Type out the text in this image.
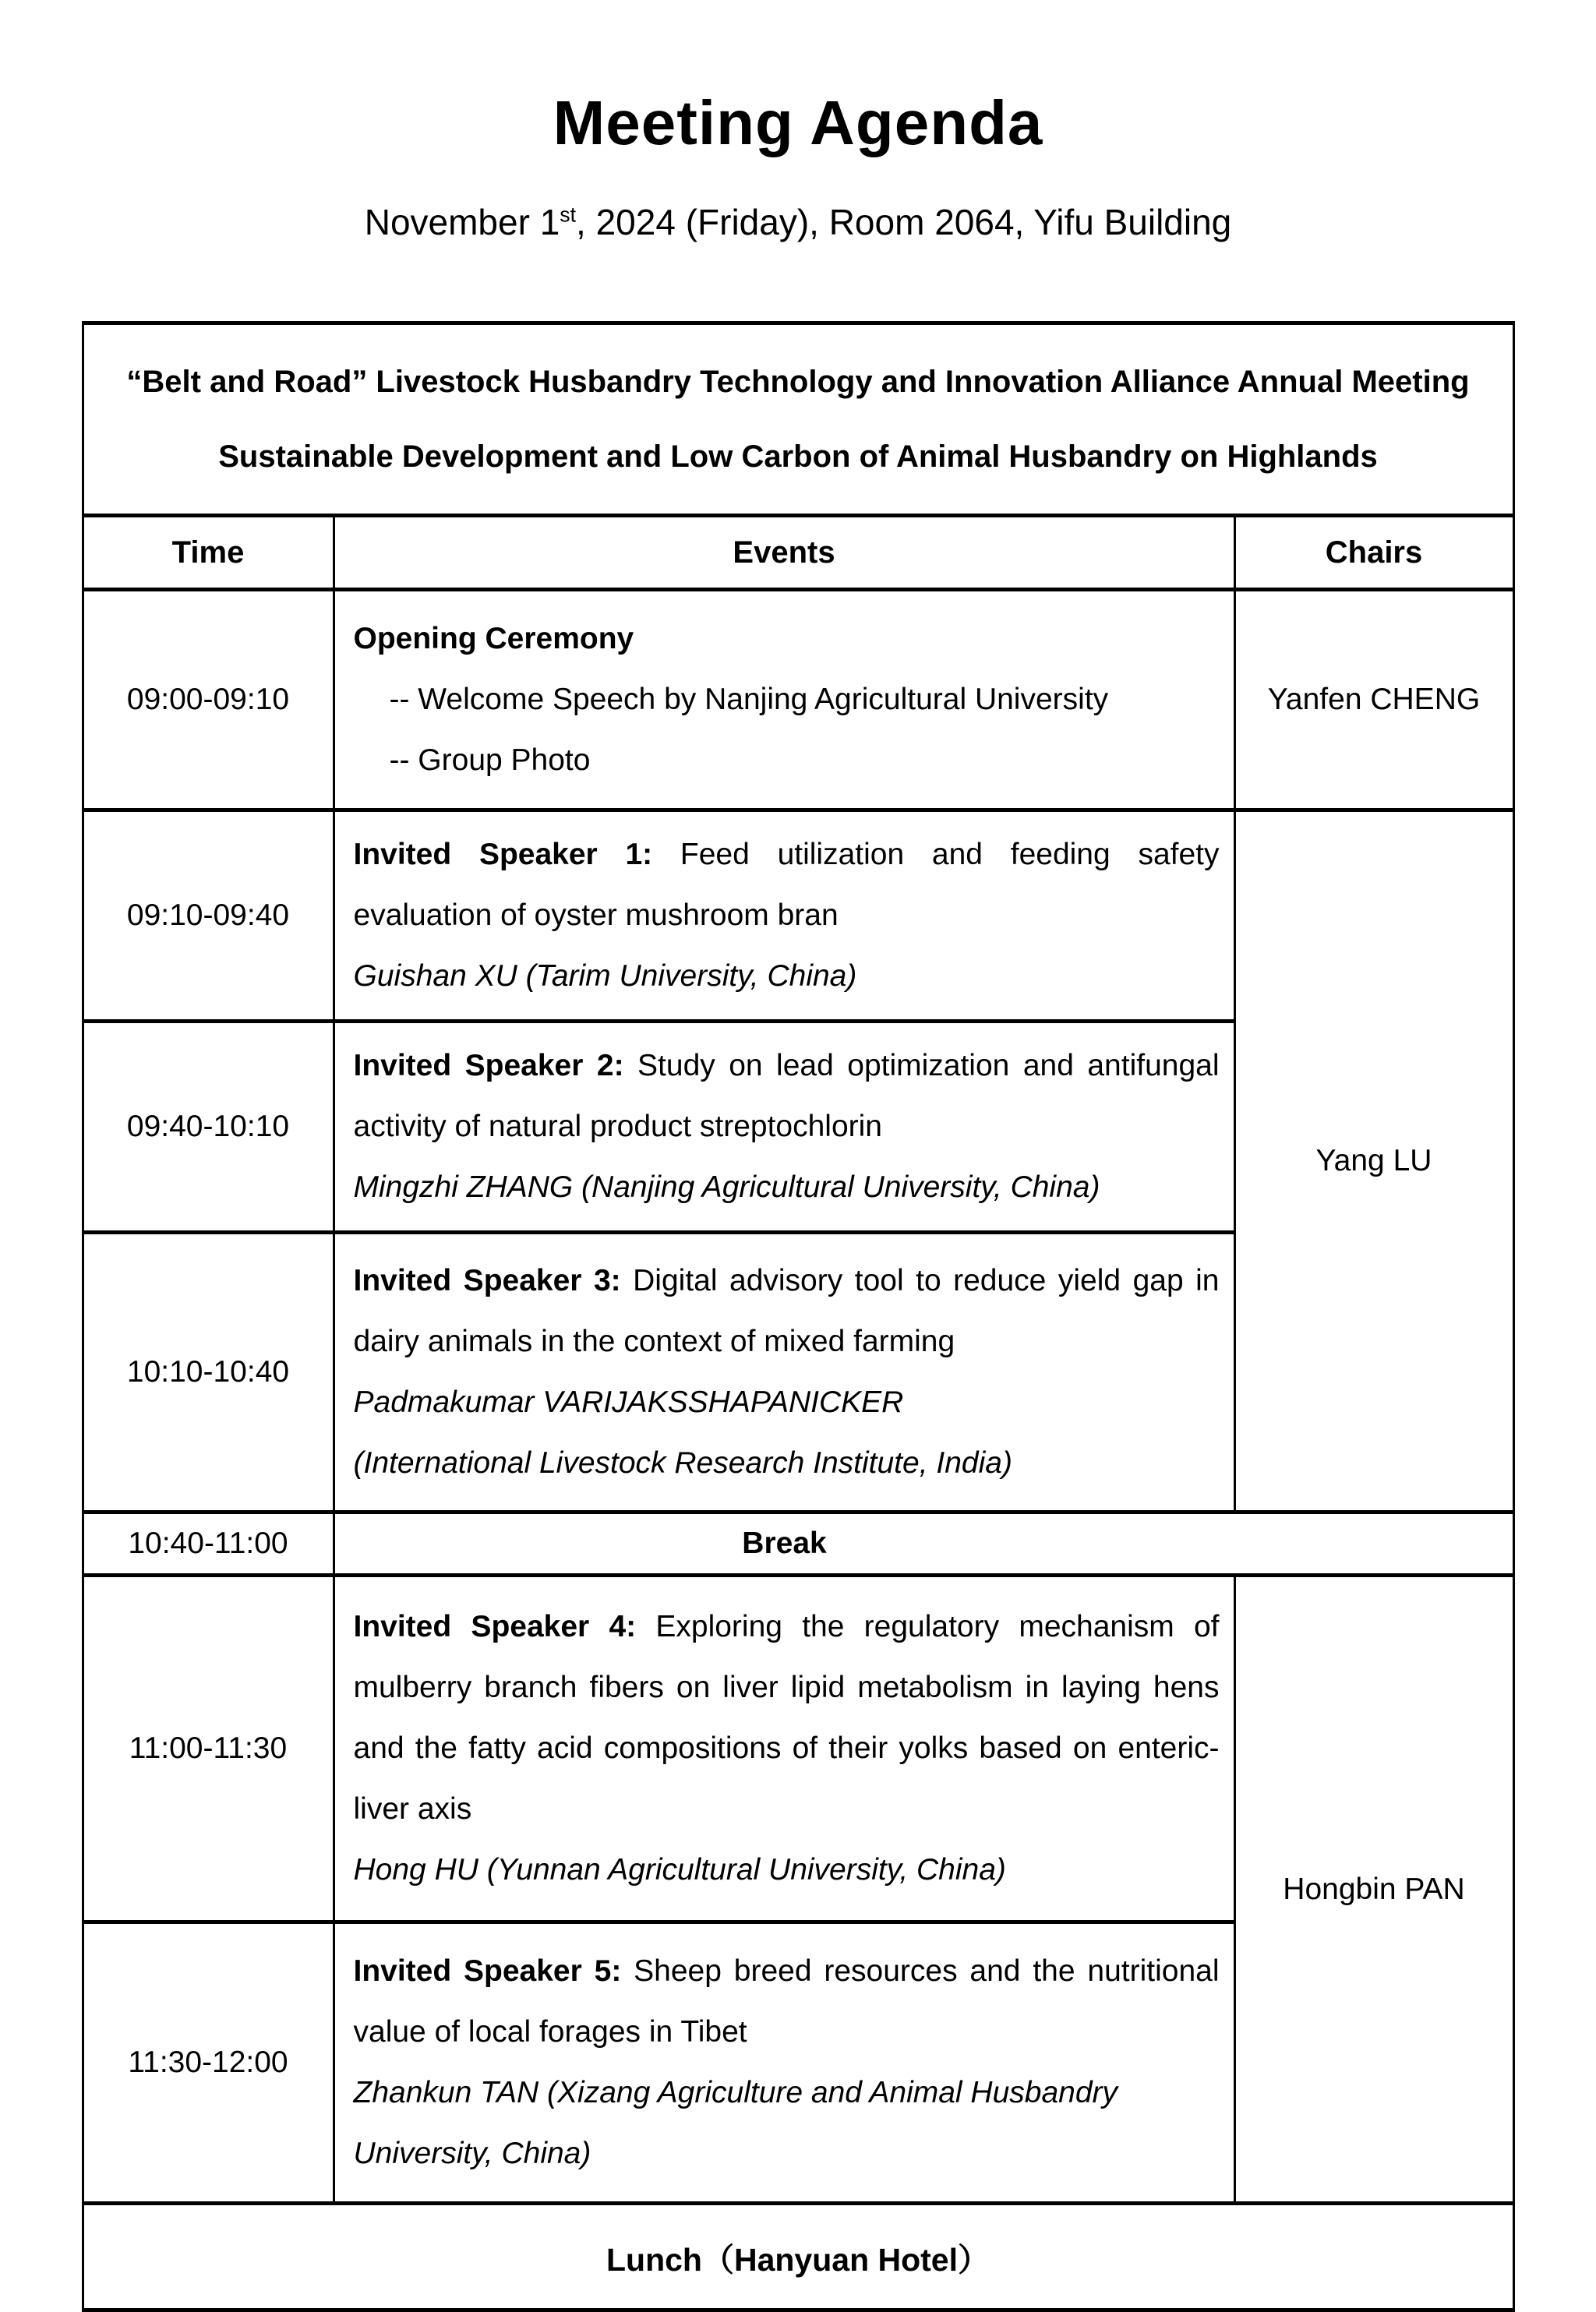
Meeting Agenda

November 1st, 2024 (Friday), Room 2064, Yifu Building

“Belt and Road” Livestock Husbandry Technology and Innovation Alliance Annual Meeting
Sustainable Development and Low Carbon of Animal Husbandry on Highlands		

Time	Events	Chairs
09:00-09:10	Opening Ceremony
-- Welcome Speech by Nanjing Agricultural University
-- Group Photo	Yanfen CHENG
09:10-09:40	Invited Speaker 1: Feed utilization and feeding safety evaluation of oyster mushroom bran

Guishan XU (Tarim University, China)	Yang LU
09:40-10:10	Invited Speaker 2: Study on lead optimization and antifungal activity of natural product streptochlorin

Mingzhi ZHANG (Nanjing Agricultural University, China)	

10:10-10:40	Invited Speaker 3: Digital advisory tool to reduce yield gap in dairy animals in the context of mixed farming

Padmakumar VARIJAKSSHAPANICKER
(International Livestock Research Institute, India)	

10:40-11:00	Break	
11:00-11:30	Invited Speaker 4: Exploring the regulatory mechanism of mulberry branch fibers on liver lipid metabolism in laying hens and the fatty acid compositions of their yolks based on enteric-liver axis

Hong HU (Yunnan Agricultural University, China)	Hongbin PAN
11:30-12:00	Invited Speaker 5: Sheep breed resources and the nutritional value of local forages in Tibet

Zhankun TAN (Xizang Agriculture and Animal Husbandry
University, China)	

Lunch（Hanyuan Hotel）		
